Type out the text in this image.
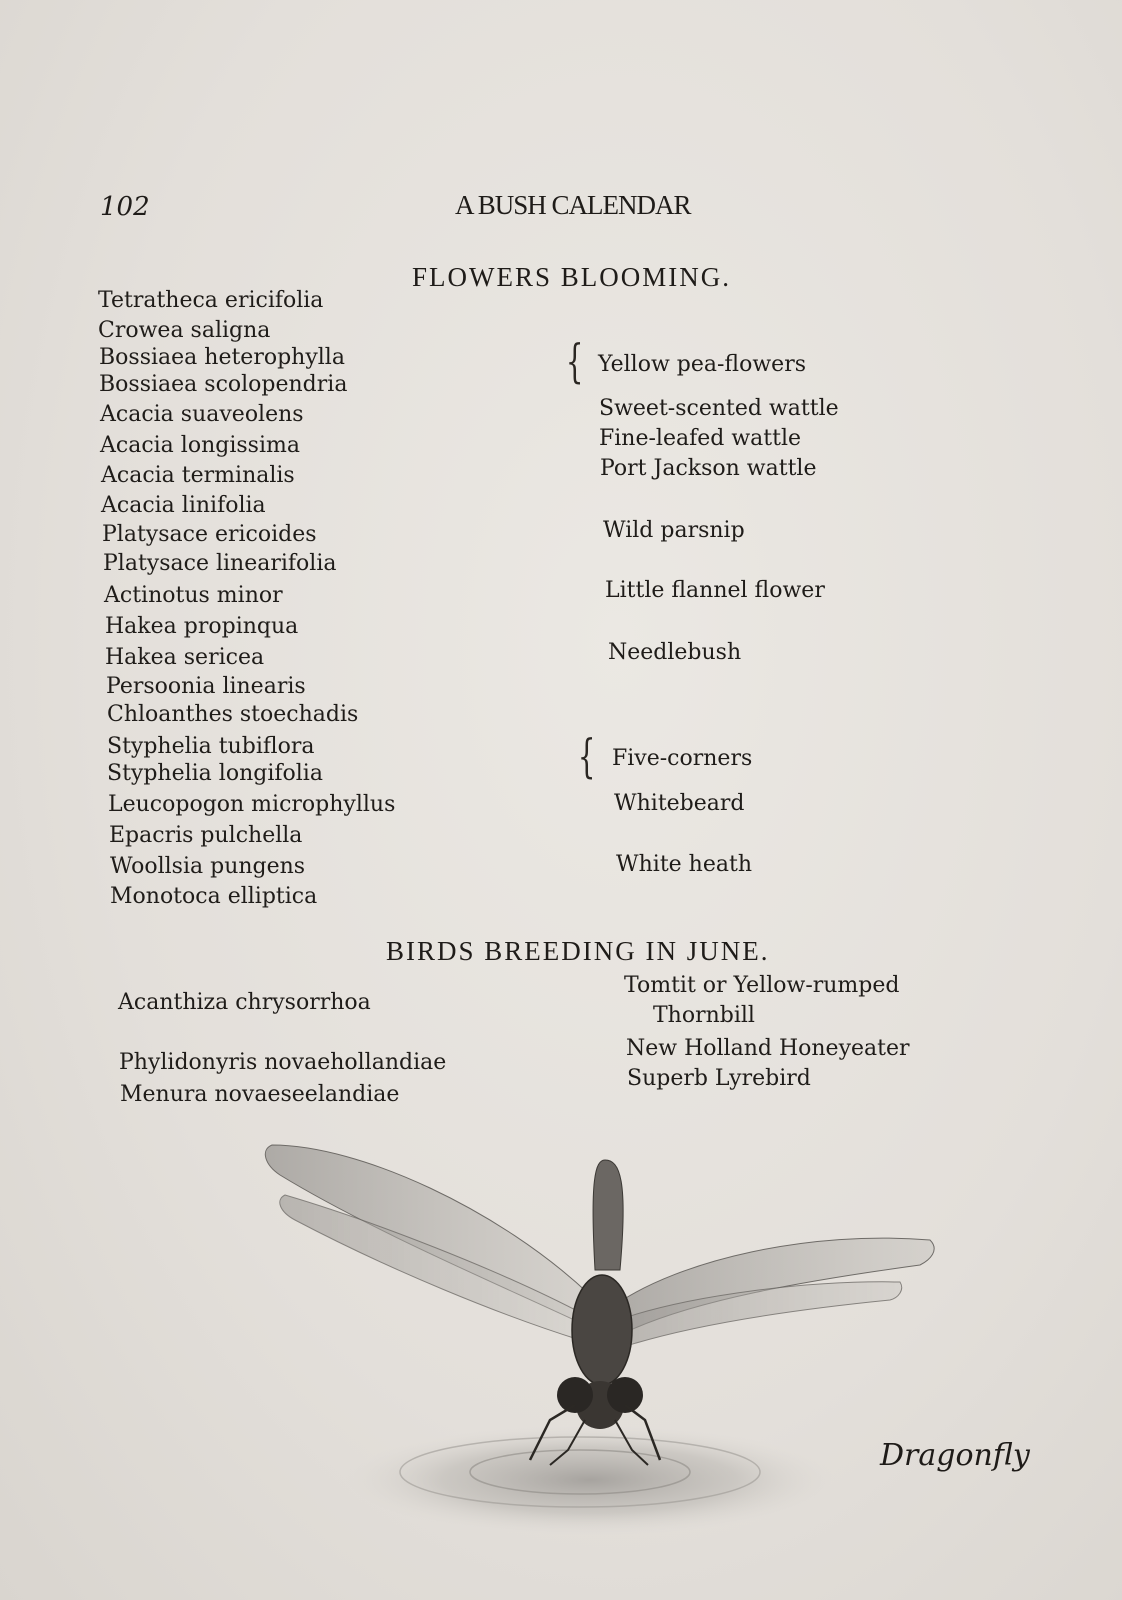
102	A BUSH CALENDAR
FLOWERS BLOOMING.
Tetratheca ericifolia
Crowea saligna
Bossiaea heterophylla
Bossiaea scolopendria
Acacia suaveolens
Acacia longissima
Acacia terminalis
Acacia linifolia
Platysace ericoides
Platysace linearifolia
Actinotus minor
Hakea propinqua
Hakea sericea
Persoonia linearis
Chloanthes stoechadis
Styphelia tubiflora
Styphelia longifolia
Leucopogon microphyllus
Epacris pulchella
Woollsia pungens
Monotoca elliptica
{
{
Yellow pea-flowers
Sweet-scented wattle
Fine-leafed wattle
Port Jackson wattle
Wild parsnip
Little flannel flower
Needlebush
Five-corners
Whitebeard
White heath
BIRDS BREEDING IN JUNE.
Acanthiza chrysorrhoa
Phylidonyris novaehollandiae
Menura novaeseelandiae
Tomtit or Yellow-rumped
Thornbill
New Holland Honeyeater
Superb Lyrebird
Dragonfly
